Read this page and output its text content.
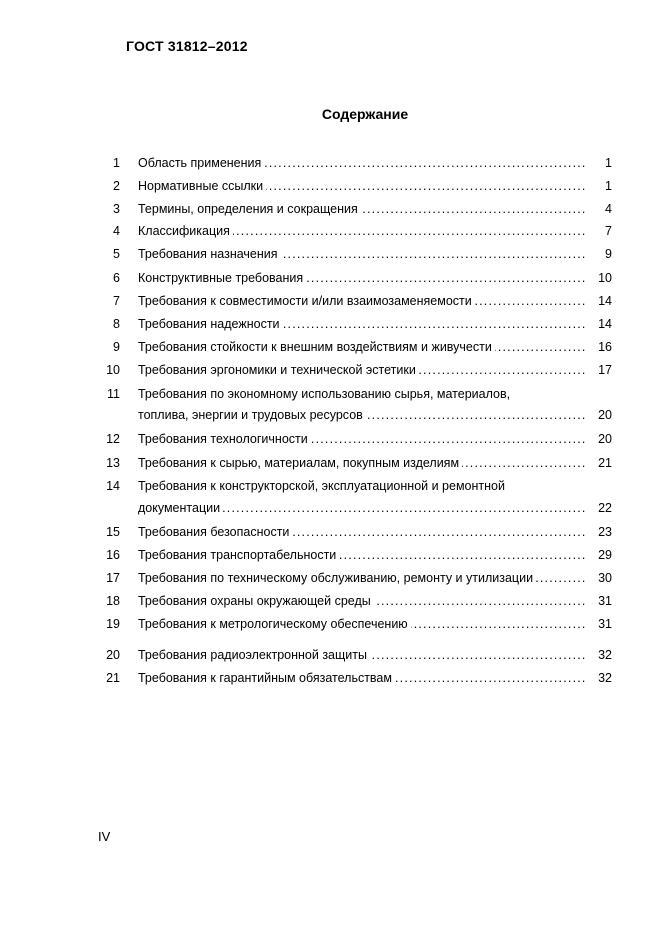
ГОСТ 31812–2012
Содержание
1 Область применения .....	1
2 Нормативные ссылки .....	1
3 Термины, определения и сокращения .....	4
4 Классификация .....	7
5 Требования назначения .....	9
6 Конструктивные требования .....	10
7 Требования к совместимости и/или взаимозаменяемости .....	14
8 Требования надежности .....	14
9 Требования стойкости к внешним воздействиям и живучести .....	16
10 Требования эргономики и технической эстетики .....	17
11 Требования по экономному использованию сырья, материалов,
топлива, энергии и трудовых ресурсов .....	20
12 Требования технологичности .....	20
13 Требования к сырью, материалам, покупным изделиям .....	21
14 Требования к конструкторской, эксплуатационной и ремонтной
документации .....	22
15 Требования безопасности .....	23
16 Требования транспортабельности .....	29
17 Требования по техническому обслуживанию, ремонту и утилизации .....	30
18 Требования охраны окружающей среды .....	31
19 Требования к метрологическому обеспечению .....	31
20 Требования радиоэлектронной защиты .....	32
21 Требования к гарантийным обязательствам .....	32
IV
